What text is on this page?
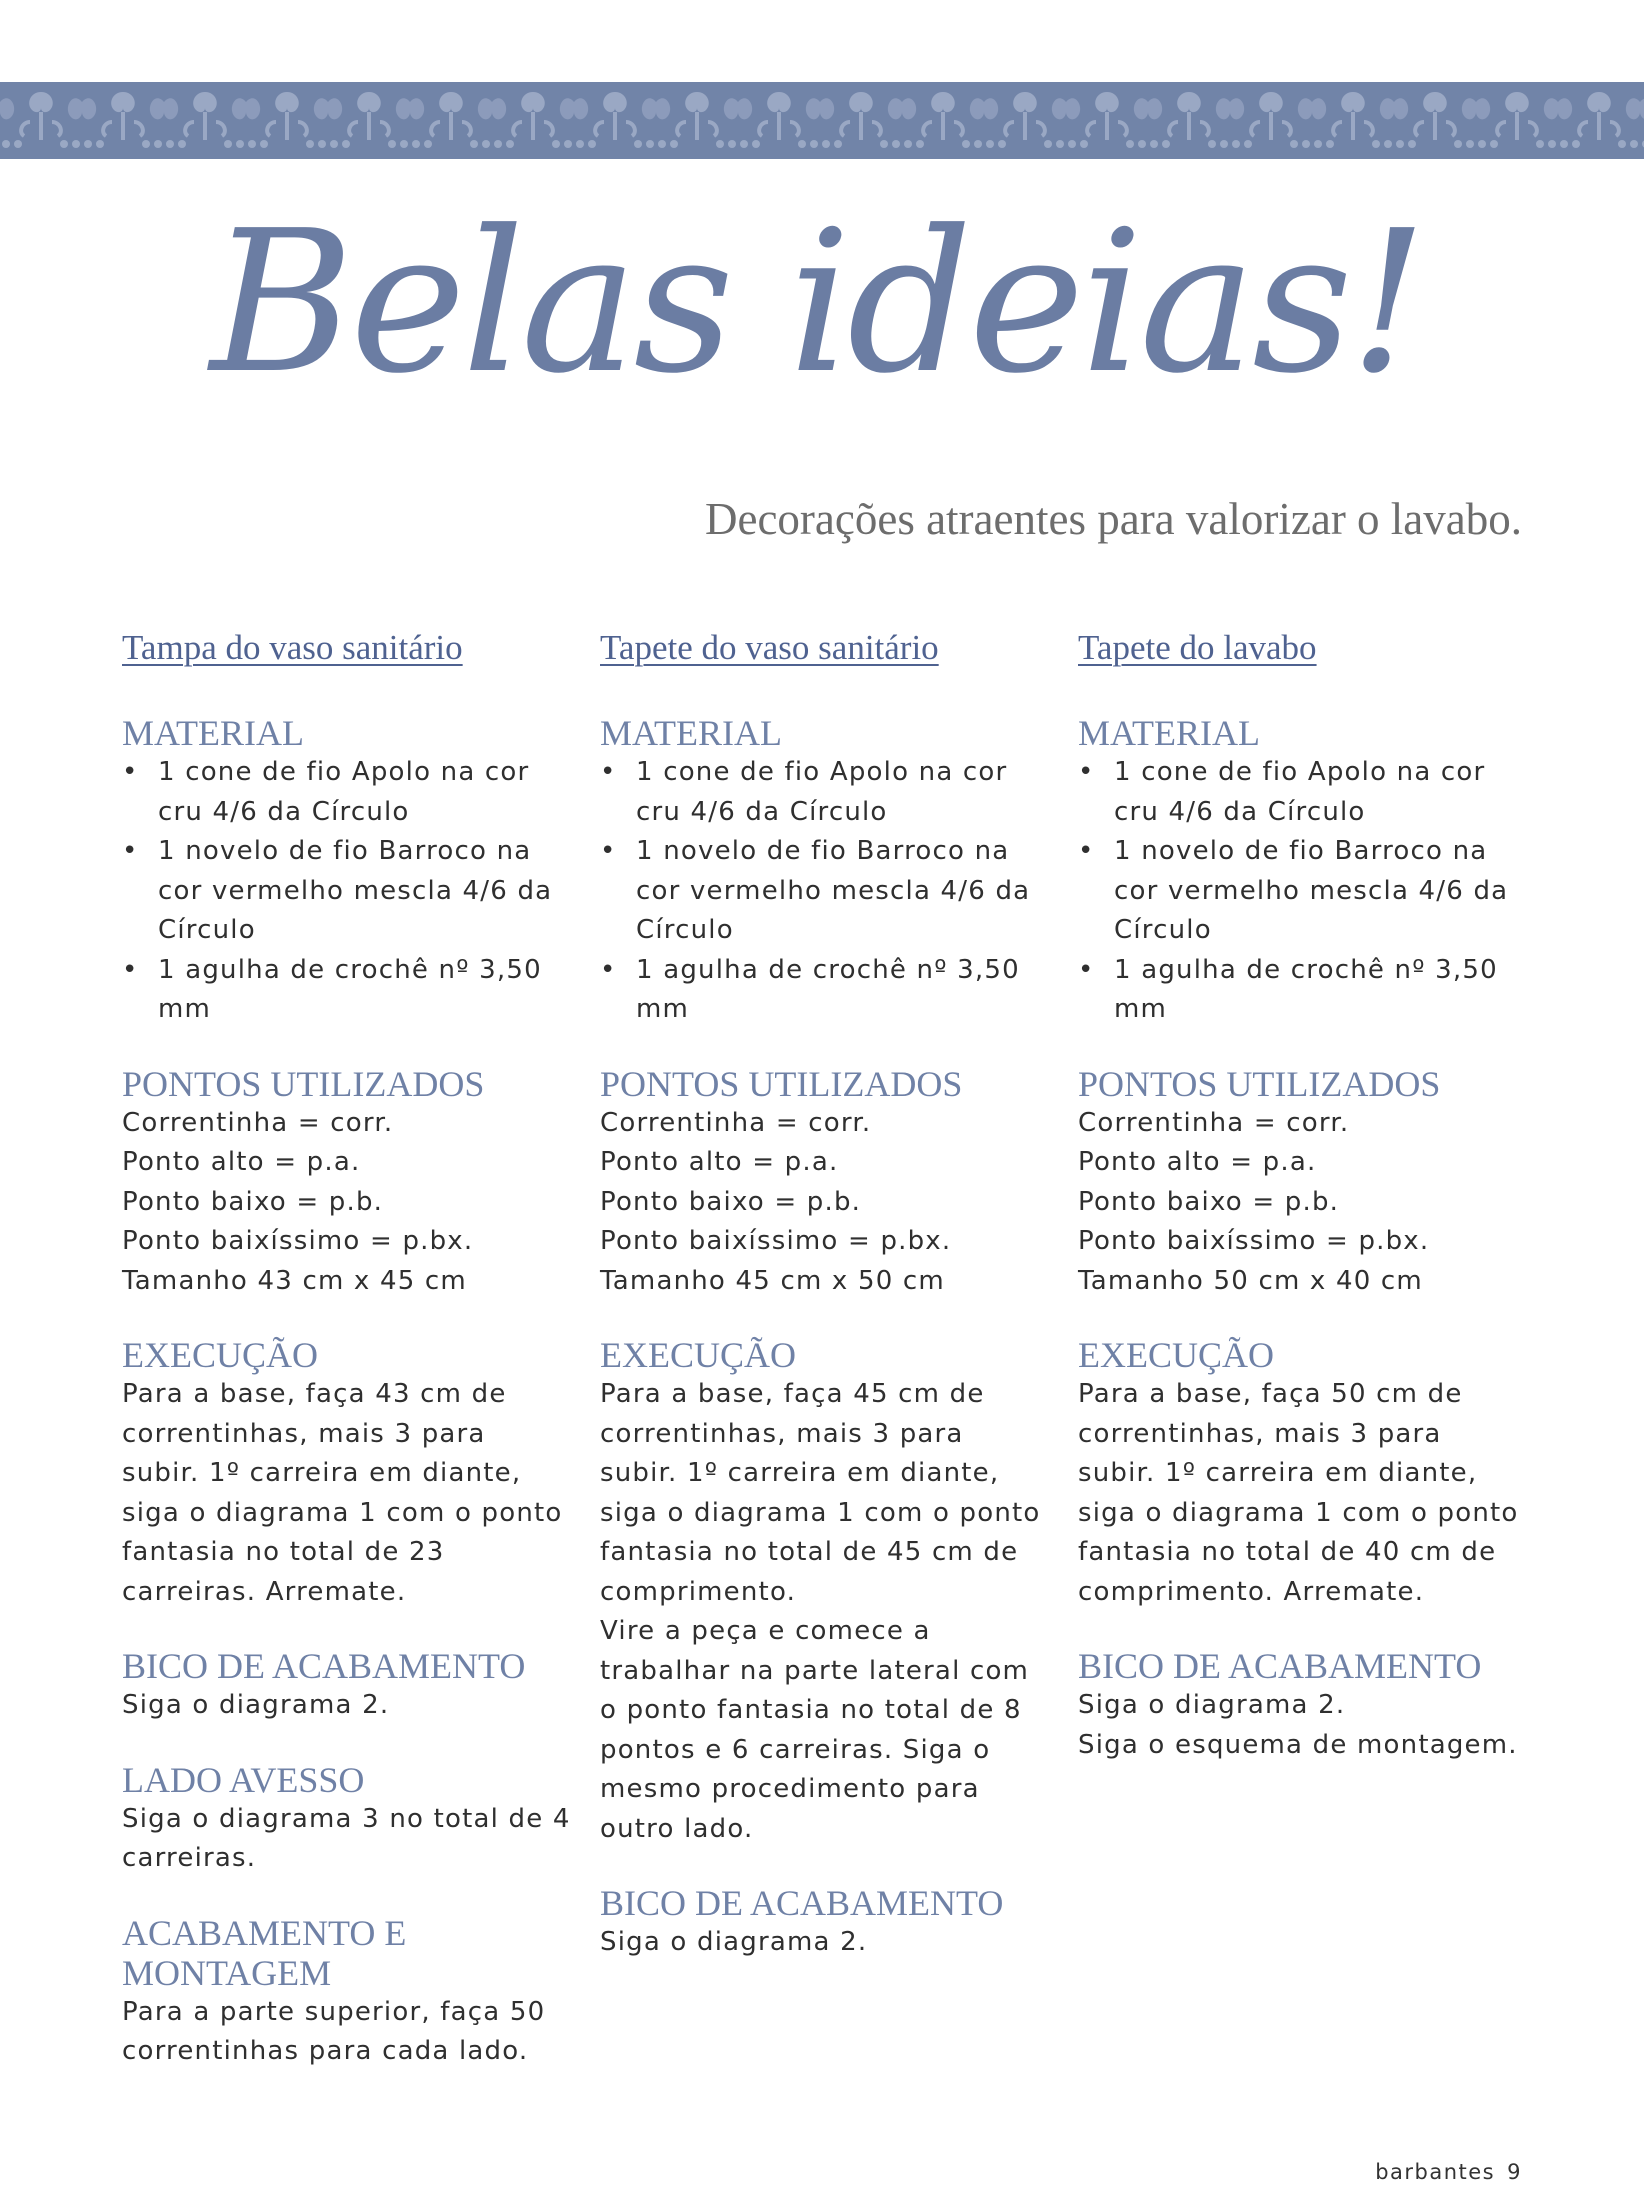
Belas ideias!
Decorações atraentes para valorizar o lavabo.
Tampa do vaso sanitário
MATERIAL
• 1 cone de fio Apolo na cor cru 4/6 da Círculo
• 1 novelo de fio Barroco na cor vermelho mescla 4/6 da Círculo
• 1 agulha de crochê nº 3,50 mm
PONTOS UTILIZADOS

Correntinha = corr.

Ponto alto = p.a.

Ponto baixo = p.b.

Ponto baixíssimo = p.bx.

Tamanho 43 cm x 45 cm

EXECUÇÃO
Para a base, faça 43 cm de correntinhas, mais 3 para subir. 1º carreira em diante, siga o diagrama 1 com o ponto fantasia no total de 23 carreiras. Arremate.
BICO DE ACABAMENTO
Siga o diagrama 2.
LADO AVESSO
Siga o diagrama 3 no total de 4 carreiras.
ACABAMENTO E MONTAGEM
Para a parte superior, faça 50 correntinhas para cada lado.
Tapete do vaso sanitário
MATERIAL
• 1 cone de fio Apolo na cor cru 4/6 da Círculo
• 1 novelo de fio Barroco na cor vermelho mescla 4/6 da Círculo
• 1 agulha de crochê nº 3,50 mm
PONTOS UTILIZADOS

Correntinha = corr.

Ponto alto = p.a.

Ponto baixo = p.b.

Ponto baixíssimo = p.bx.

Tamanho 45 cm x 50 cm

EXECUÇÃO

Para a base, faça 45 cm de correntinhas, mais 3 para subir. 1º carreira em diante, siga o diagrama 1 com o ponto fantasia no total de 45 cm de comprimento.

Vire a peça e comece a trabalhar na parte lateral com o ponto fantasia no total de 8 pontos e 6 carreiras. Siga o mesmo procedimento para outro lado.

BICO DE ACABAMENTO
Siga o diagrama 2.
Tapete do lavabo
MATERIAL
• 1 cone de fio Apolo na cor cru 4/6 da Círculo
• 1 novelo de fio Barroco na cor vermelho mescla 4/6 da Círculo
• 1 agulha de crochê nº 3,50 mm
PONTOS UTILIZADOS

Correntinha = corr.

Ponto alto = p.a.

Ponto baixo = p.b.

Ponto baixíssimo = p.bx.

Tamanho 50 cm x 40 cm

EXECUÇÃO
Para a base, faça 50 cm de correntinhas, mais 3 para subir. 1º carreira em diante, siga o diagrama 1 com o ponto fantasia no total de 40 cm de comprimento. Arremate.
BICO DE ACABAMENTO

Siga o diagrama 2.

Siga o esquema de montagem.

barbantes 9
